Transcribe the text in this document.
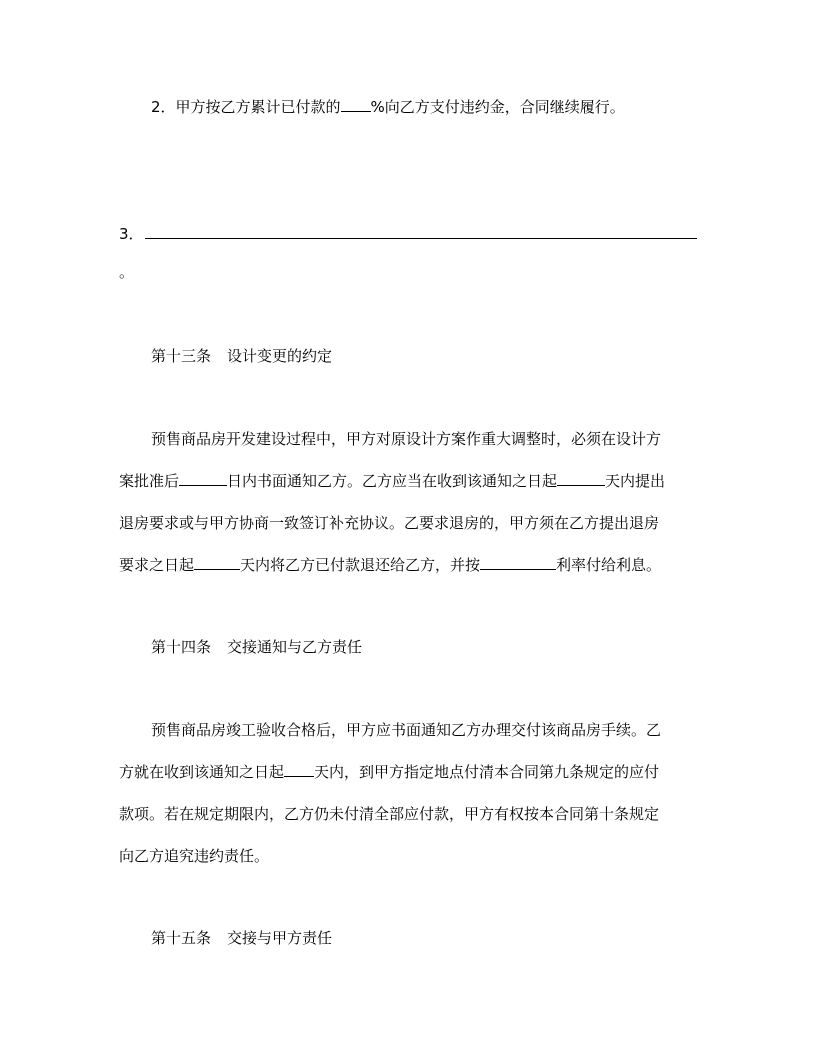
2．甲方按乙方累计已付款的 %向乙方支付违约金，合同继续履行。
3．
。
第十三条 设计变更的约定
预售商品房开发建设过程中，甲方对原设计方案作重大调整时，必须在设计方
案批准后	日内书面通知乙方。乙方应当在收到该通知之日起	天内提出
退房要求或与甲方协商一致签订补充协议。乙要求退房的，甲方须在乙方提出退房
要求之日起	天内将乙方已付款退还给乙方，并按	利率付给利息。
第十四条 交接通知与乙方责任
预售商品房竣工验收合格后，甲方应书面通知乙方办理交付该商品房手续。乙
方就在收到该通知之日起 天内，到甲方指定地点付清本合同第九条规定的应付
款项。若在规定期限内，乙方仍未付清全部应付款，甲方有权按本合同第十条规定
向乙方追究违约责任。
第十五条 交接与甲方责任
